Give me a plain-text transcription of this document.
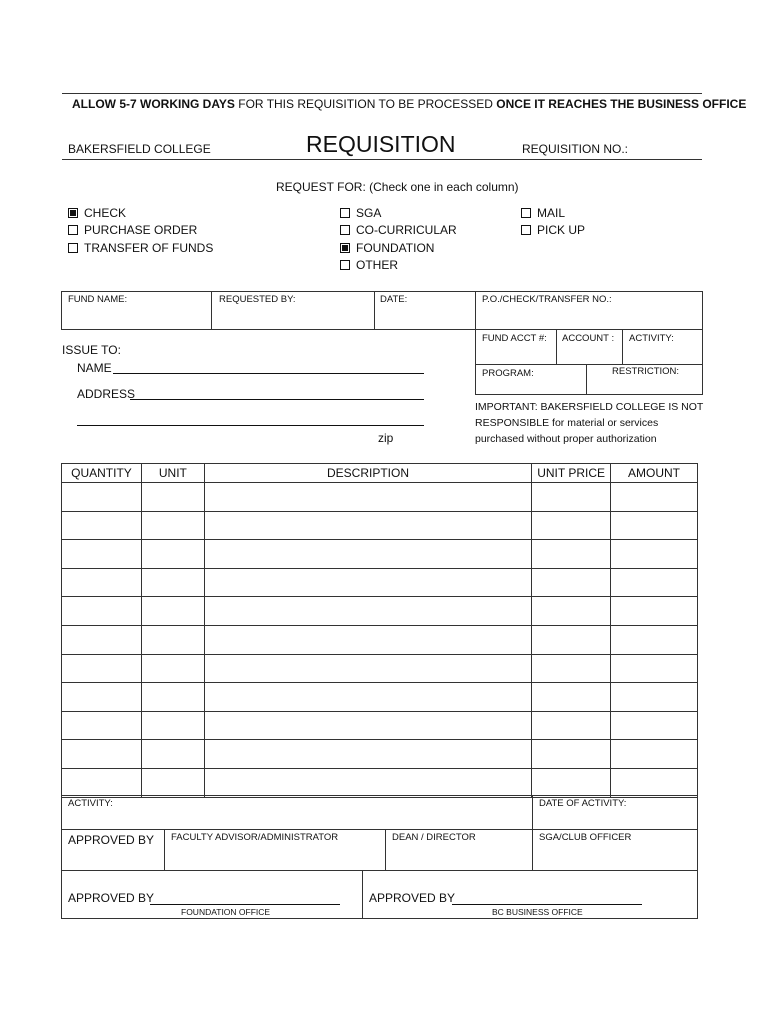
ALLOW 5-7 WORKING DAYS FOR THIS REQUISITION TO BE PROCESSED ONCE IT REACHES THE BUSINESS OFFICE
BAKERSFIELD COLLEGE	REQUISITION	REQUISITION NO.:
REQUEST FOR: (Check one in each column)
CHECK
PURCHASE ORDER
TRANSFER OF FUNDS
SGA
CO-CURRICULAR
FOUNDATION
OTHER
MAIL
PICK UP
FUND NAME:	REQUESTED BY:	DATE:	P.O./CHECK/TRANSFER NO.:
FUND ACCT #: ACCOUNT : ACTIVITY:
PROGRAM:	RESTRICTION:
ISSUE TO:
NAME
ADDRESS
zip
IMPORTANT: BAKERSFIELD COLLEGE IS NOT
RESPONSIBLE for material or services
purchased without proper authorization
QUANTITY	UNIT	DESCRIPTION	UNIT PRICE	AMOUNT

ACTIVITY:	DATE OF ACTIVITY:
APPROVED BY FACULTY ADVISOR/ADMINISTRATOR	DEAN / DIRECTOR	SGA/CLUB OFFICER
APPROVED BY
FOUNDATION OFFICE
APPROVED BY
BC BUSINESS OFFICE
